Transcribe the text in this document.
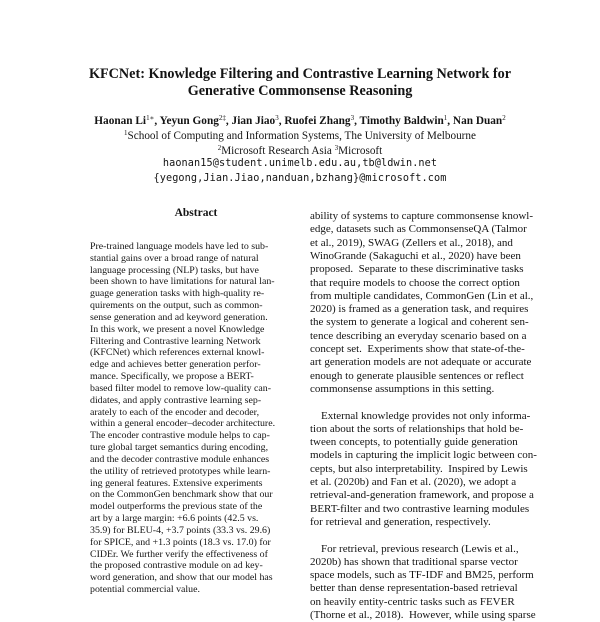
KFCNet: Knowledge Filtering and Contrastive Learning Network for
Generative Commonsense Reasoning
Haonan $Li^{1∗}$, Yeyun Gong$^{2\ddagger}$, Jian Jiao$^3$, Ruofei Zhang$^3$, Timothy Baldwin$^1$, Nan Duan$^2$
$^1$School of Computing and Information Systems, The University of Melbourne
$^2$Microsoft Research Asia $^3$Microsoft
haonan15@student.unimelb.edu.au,tb@ldwin.net
{yegong,Jian.Jiao,nanduan,bzhang}@microsoft.com
Abstract
Pre-trained language models have led to sub-
stantial gains over a broad range of natural
language processing (NLP) tasks, but have
been shown to have limitations for natural lan-
guage generation tasks with high-quality re-
quirements on the output, such as common-
sense generation and ad keyword generation.
In this work, we present a novel Knowledge
Filtering and Contrastive learning Network
(KFCNet) which references external knowl-
edge and achieves better generation perfor-
mance. Specifically, we propose a BERT-
based filter model to remove low-quality can-
didates, and apply contrastive learning sep-
arately to each of the encoder and decoder,
within a general encoder–decoder architecture.
The encoder contrastive module helps to cap-
ture global target semantics during encoding,
and the decoder contrastive module enhances
the utility of retrieved prototypes while learn-
ing general features. Extensive experiments
on the CommonGen benchmark show that our
model outperforms the previous state of the
art by a large margin: +6.6 points (42.5 vs.
35.9) for BLEU-4, +3.7 points (33.3 vs. 29.6)
for SPICE, and +1.3 points (18.3 vs. 17.0) for
CIDEr. We further verify the effectiveness of
the proposed contrastive module on ad key-
word generation, and show that our model has
potential commercial value.
ability of systems to capture commonsense knowl-
edge, datasets such as CommonsenseQA (Talmor
et al., 2019), SWAG (Zellers et al., 2018), and
WinoGrande (Sakaguchi et al., 2020) have been
proposed.  Separate to these discriminative tasks
that require models to choose the correct option
from multiple candidates, CommonGen (Lin et al.,
2020) is framed as a generation task, and requires
the system to generate a logical and coherent sen-
tence describing an everyday scenario based on a
concept set.  Experiments show that state-of-the-
art generation models are not adequate or accurate
enough to generate plausible sentences or reflect
commonsense assumptions in this setting.
External knowledge provides not only informa-
tion about the sorts of relationships that hold be-
tween concepts, to potentially guide generation
models in capturing the implicit logic between con-
cepts, but also interpretability.  Inspired by Lewis
et al. (2020b) and Fan et al. (2020), we adopt a
retrieval-and-generation framework, and propose a
BERT-filter and two contrastive learning modules
for retrieval and generation, respectively.
For retrieval, previous research (Lewis et al.,
2020b) has shown that traditional sparse vector
space models, such as TF-IDF and BM25, perform
better than dense representation-based retrieval
on heavily entity-centric tasks such as FEVER
(Thorne et al., 2018).  However, while using sparse
